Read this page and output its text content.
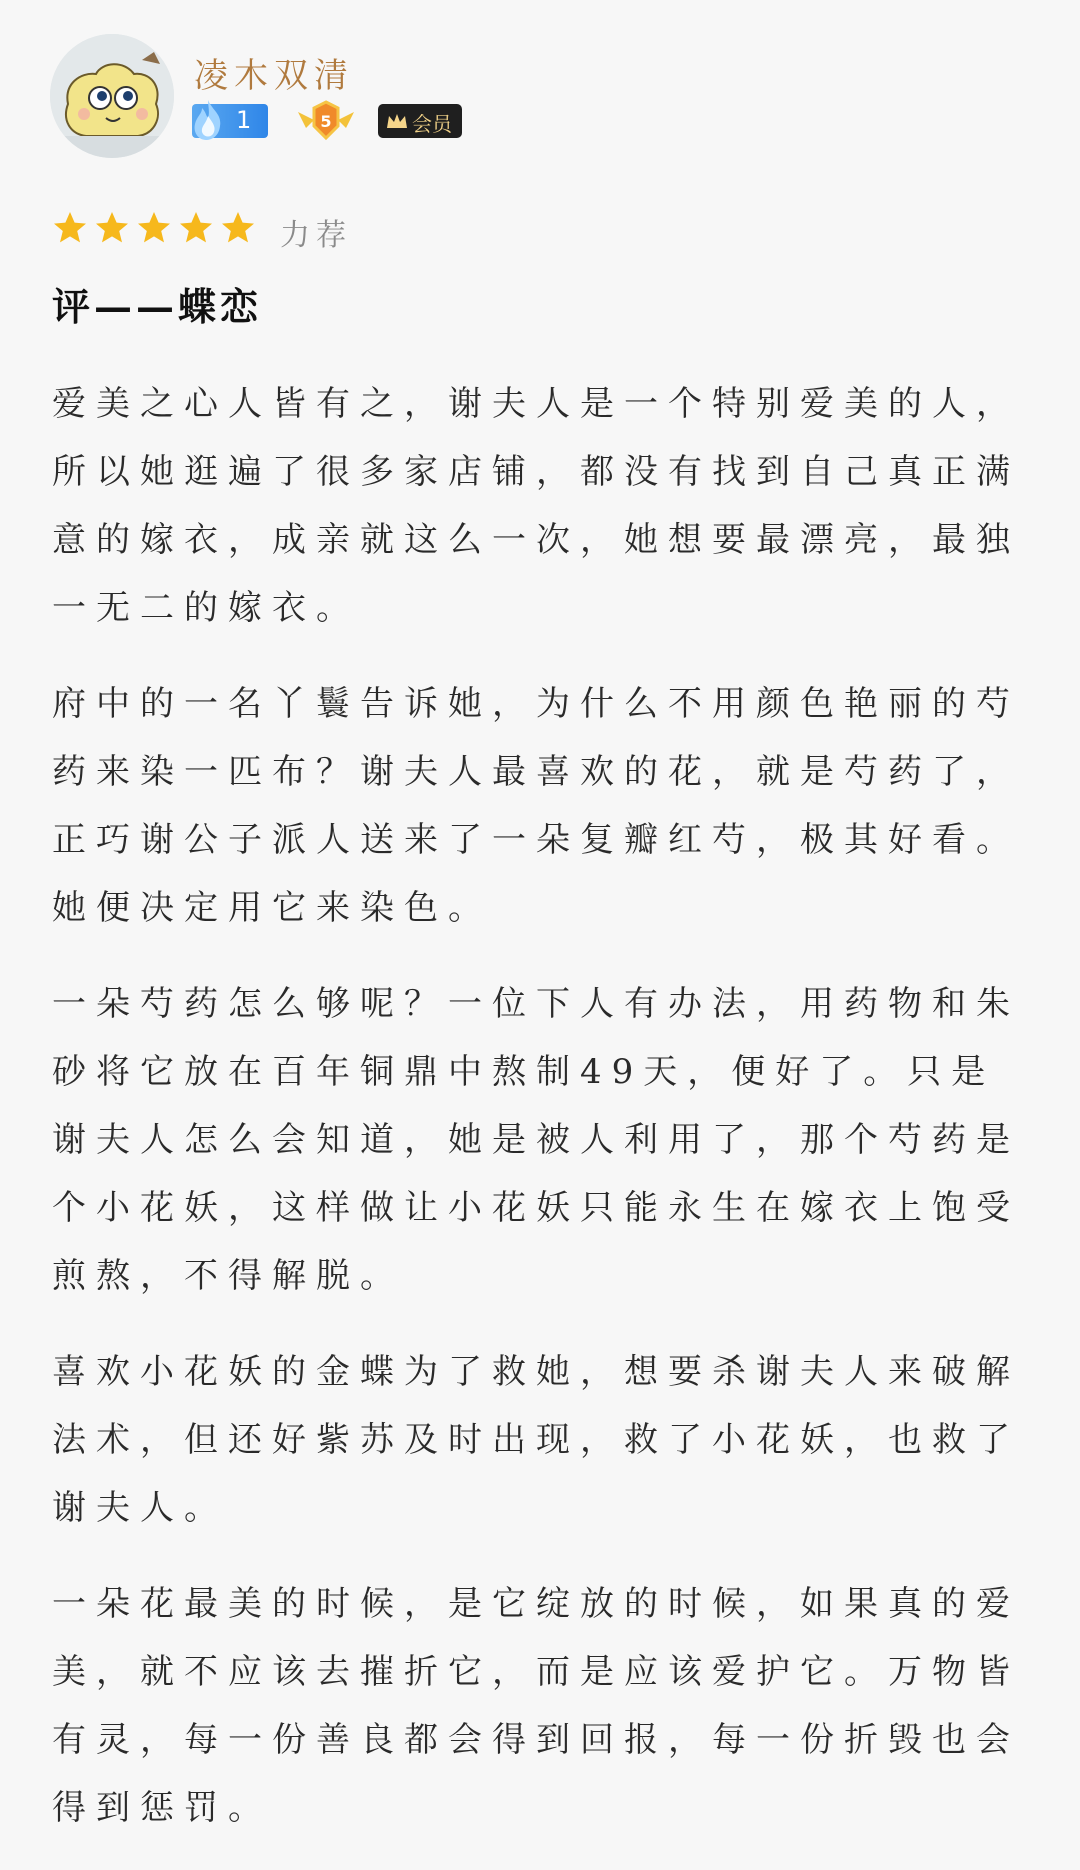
凌木双清
1	5	会员
力荐
评——蝶恋

爱美之心人皆有之，谢夫人是一个特别爱美的人，所以她逛遍了很多家店铺，都没有找到自己真正满意的嫁衣，成亲就这么一次，她想要最漂亮，最独一无二的嫁衣。

府中的一名丫鬟告诉她，为什么不用颜色艳丽的芍药来染一匹布？谢夫人最喜欢的花，就是芍药了，正巧谢公子派人送来了一朵复瓣红芍，极其好看。她便决定用它来染色。

一朵芍药怎么够呢？一位下人有办法，用药物和朱砂将它放在百年铜鼎中熬制49天，便好了。只是谢夫人怎么会知道，她是被人利用了，那个芍药是个小花妖，这样做让小花妖只能永生在嫁衣上饱受煎熬，不得解脱。

喜欢小花妖的金蝶为了救她，想要杀谢夫人来破解法术，但还好紫苏及时出现，救了小花妖，也救了谢夫人。

一朵花最美的时候，是它绽放的时候，如果真的爱美，就不应该去摧折它，而是应该爱护它。万物皆有灵，每一份善良都会得到回报，每一份折毁也会得到惩罚。
